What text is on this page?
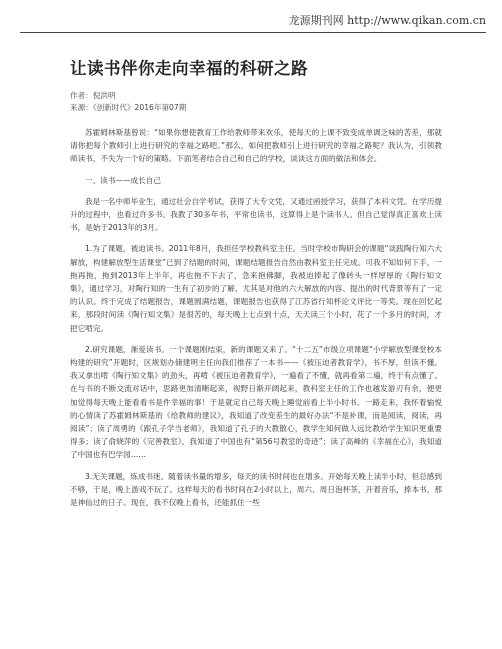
龙源期刊网 http://www.qikan.com.cn
让读书伴你走向幸福的科研之路
作者：倪洪明
来源：《创新时代》2016年第07期

苏霍姆林斯基曾说：“如果你想使教育工作给教师带来欢乐，使每天的上课不致变成单调乏味的苦差，那就请你把每个教师引上进行研究的幸福之路吧。”那么，如何把教师引上进行研究的幸福之路呢？我认为，引领教师读书，不失为一个好的策略。下面笔者结合自己和自己的学校，谈谈这方面的做法和体会。

一、读书——成长自己

我是一名中师毕业生，通过社会自学考试，获得了大专文凭，又通过函授学习，获得了本科文凭。在学历提升的过程中，也看过许多书。我教了30多年书，平常也读书，这算得上是个读书人。但自己觉得真正喜欢上读书，是始于2013年的3月。

1.为了课题，被迫读书。2011年8月，我担任学校教科室主任。当时学校市陶研会的课题“谈践陶行知六大解放，构建解放型生活课堂”已到了结题的时间，课题结题报告自然由教科室主任完成。可我不知如何下手，一拖再拖，拖到2013年上半年，再也拖不下去了，急来抱佛脚，我被迫捧起了像砖头一样厚厚的《陶行知文集》，通过学习，对陶行知的一生有了初步的了解，尤其是对他的六大解放的内容、提出的时代背景等有了一定的认识。终于完成了结题报告，课题圆满结题，课题报告也获得了江苏省行知杯论文评比一等奖。现在回忆起来，那段时间读《陶行知文集》是很苦的，每天晚上七点到十点，天天读三个小时，花了一个多月的时间，才把它啃完。

2.研究课题，渐爱读书。一个课题刚结束，新的课题又来了。“十二五”市级立项课题“小学解放型课堂校本构建的研究”开题时，区规划办储建明主任向我们推荐了一本书——《被压迫者教育学》，书不厚，但读不懂。我又拿出啃《陶行知文集》的劲头，再啃《被压迫者教育学》，一遍看了不懂，就再看第二遍，终于有点懂了。在与书的不断交流对话中，思路更加清晰起来，视野日渐开阔起来，教科室主任的工作也越发游刃有余，便更加觉得每天晚上能看看书是件幸福的事！于是就定自己每天晚上睡觉前看上半小时书。一路走来，我怀着愉悦的心情读了苏霍姆林斯基的《给教师的建议》，我知道了改变差生的最好办法“不是补课，而是阅读，阅读，再阅读”；读了周勇的《跟孔子学当老师》，我知道了孔子的大教散心，教学生知何做人远比教给学生知识更重要得多；读了俞晓萍的《完善教室》，我知道了中国也有“第56号教室的奇迹”；读了高峰的《幸福在心》，我知道了中国也有巴学园……

3.无关课题，炼成书迷。随着读书量的增多，每天的读书时间也在增多。开始每天晚上读半小时，但总感到不够，于是，晚上游戏不玩了。这样每天的看书时间在2小时以上，周六、周日泡杯茶，开着音乐，捧本书，那是神仙过的日子。现在，我不仅晚上看书，还能抓住一些
